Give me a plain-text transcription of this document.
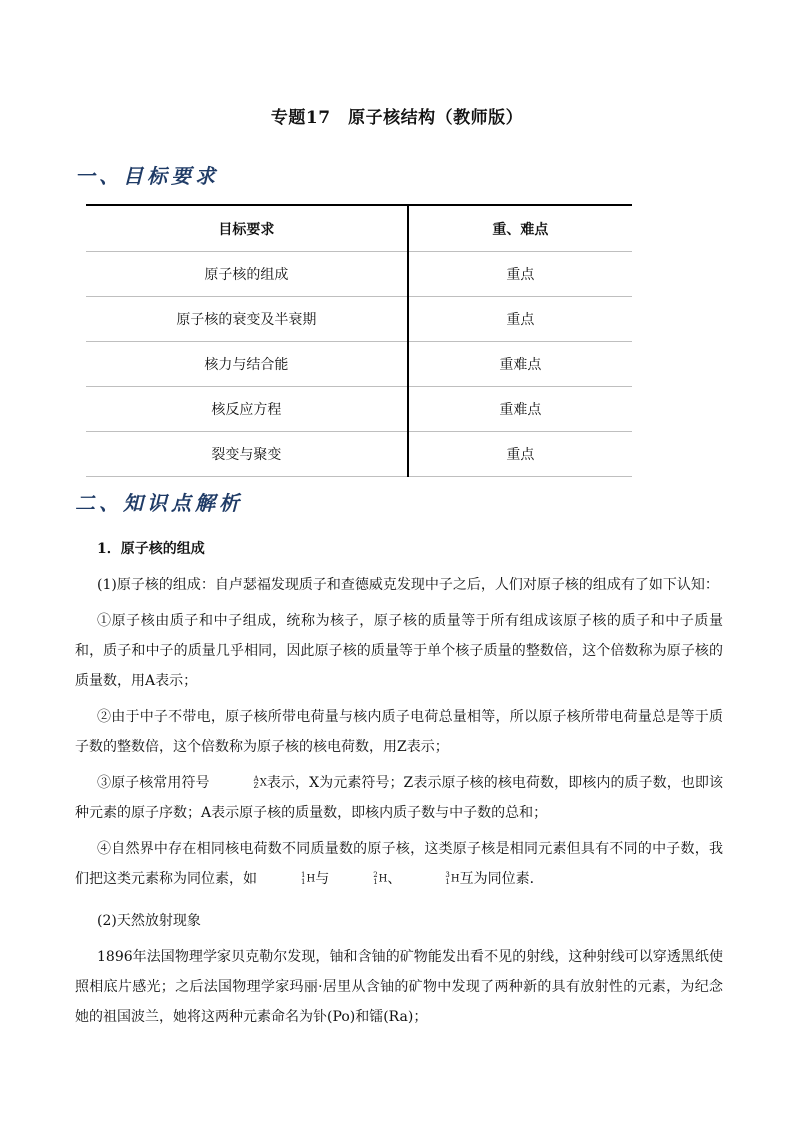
专题17　原子核结构（教师版）
一、目标要求
目标要求	重、难点
原子核的组成	重点
原子核的衰变及半衰期	重点
核力与结合能	重难点
核反应方程	重难点
裂变与聚变	重点
二、知识点解析

1．原子核的组成

(1)原子核的组成：自卢瑟福发现质子和查德威克发现中子之后，人们对原子核的组成有了如下认知：

①原子核由质子和中子组成，统称为核子，原子核的质量等于所有组成该原子核的质子和中子质量和，质子和中子的质量几乎相同，因此原子核的质量等于单个核子质量的整数倍，这个倍数称为原子核的质量数，用A表示；

②由于中子不带电，原子核所带电荷量与核内质子电荷总量相等，所以原子核所带电荷量总是等于质子数的整数倍，这个倍数称为原子核的核电荷数，用Z表示；

③原子核常用符号	A
Z X表示，X为元素符号；Z表示原子核的核电荷数，即核内的质子数，也即该种元素的原子序数；A表示原子核的质量数，即核内质子数与中子数的总和；

④自然界中存在相同核电荷数不同质量数的原子核，这类原子核是相同元素但具有不同的中子数，我们把这类元素称为同位素，如	1
1 H与	2
1 H、	3
1 H互为同位素．

(2)天然放射现象

1896年法国物理学家贝克勒尔发现，铀和含铀的矿物能发出看不见的射线，这种射线可以穿透黑纸使照相底片感光；之后法国物理学家玛丽·居里从含铀的矿物中发现了两种新的具有放射性的元素，为纪念她的祖国波兰，她将这两种元素命名为钋(Po)和镭(Ra)；
